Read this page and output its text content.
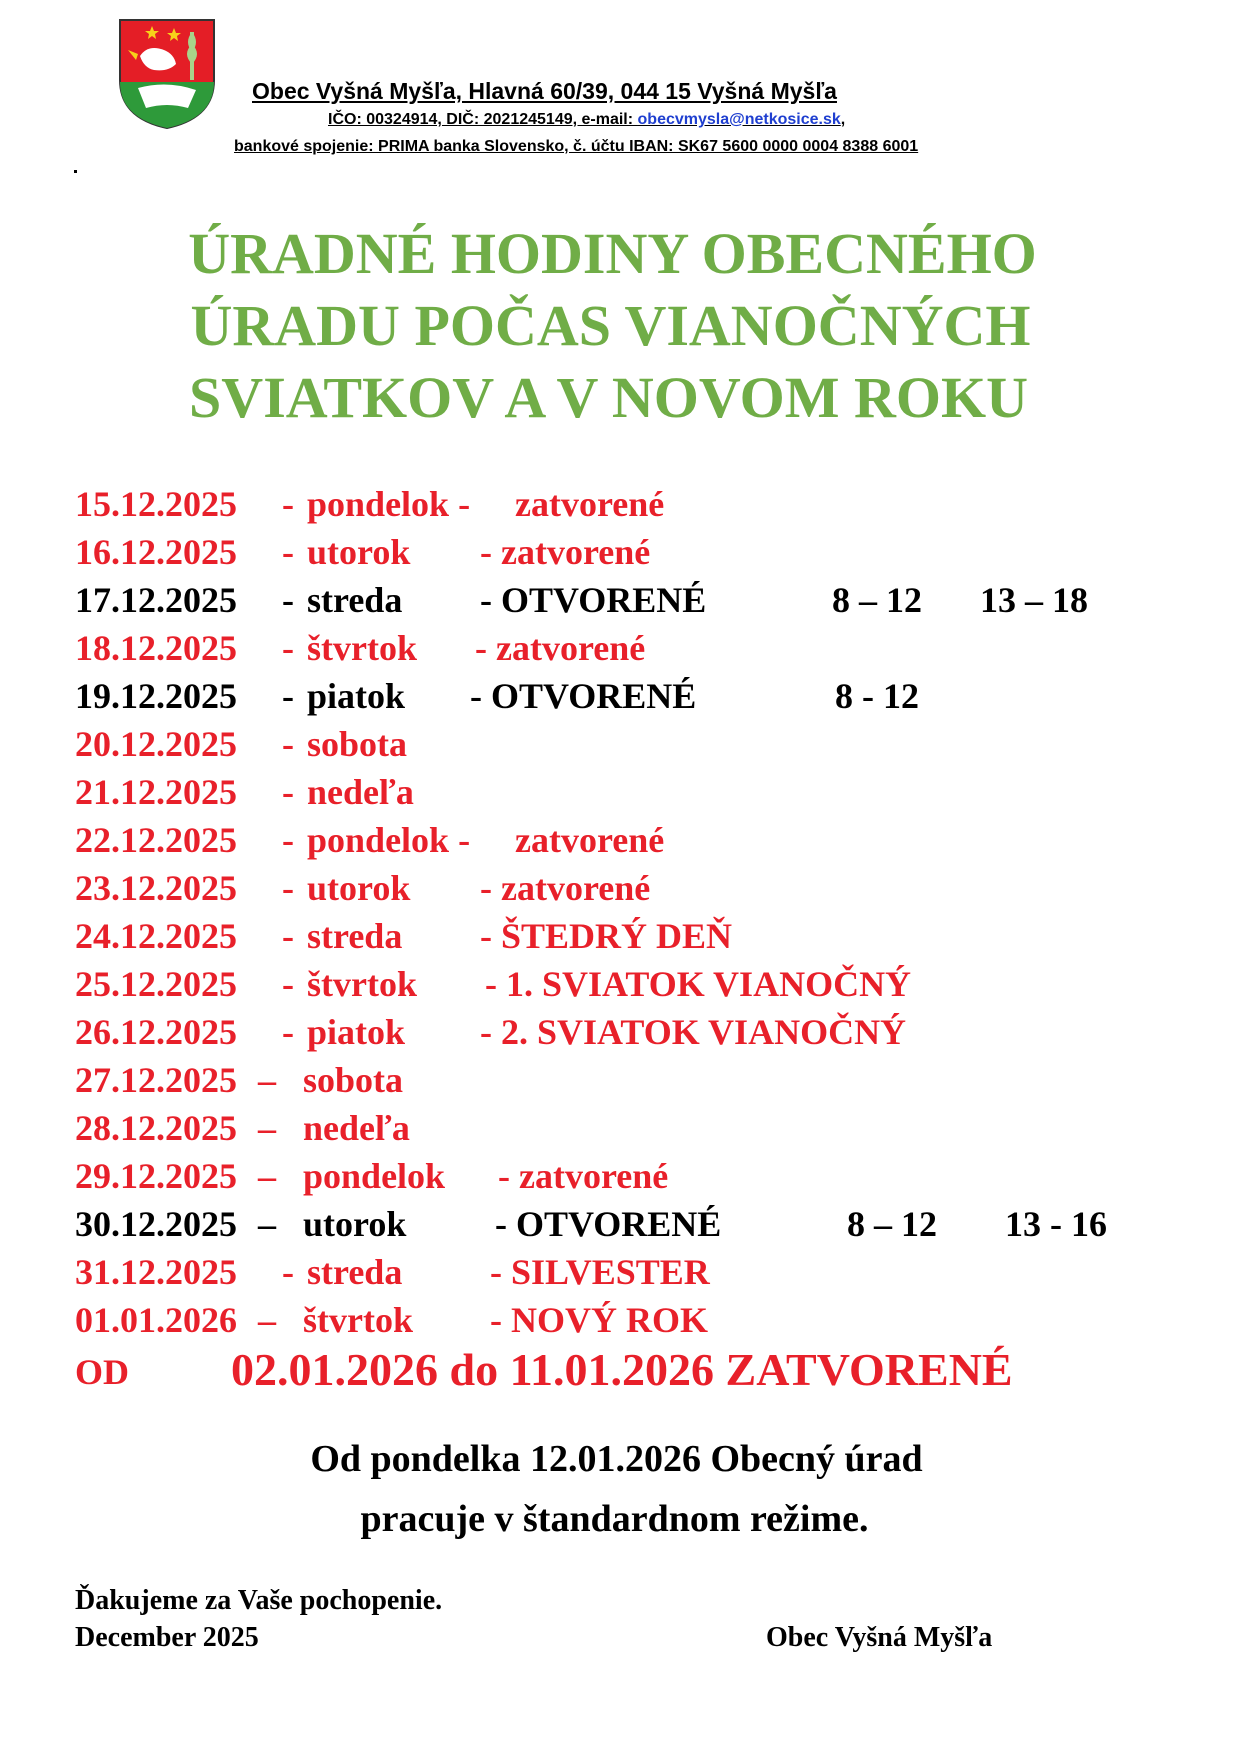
Obec Vyšná Myšľa, Hlavná 60/39, 044 15 Vyšná Myšľa
IČO: 00324914, DIČ: 2021245149, e-mail: obecvmysla@netkosice.sk,
bankové spojenie: PRIMA banka Slovensko, č. účtu IBAN: SK67 5600 0000 0004 8388 6001
ÚRADNÉ HODINY OBECNÉHO
ÚRADU POČAS VIANOČNÝCH
SVIATKOV A V NOVOM ROKU
15.12.2025 - pondelok - zatvorené
16.12.2025 - utorok - zatvorené
17.12.2025 - streda - OTVORENÉ	8 – 12 13 – 18
18.12.2025 - štvrtok - zatvorené
19.12.2025 - piatok - OTVORENÉ	8 - 12
20.12.2025 - sobota
21.12.2025 - nedeľa
22.12.2025 - pondelok - zatvorené
23.12.2025 - utorok - zatvorené
24.12.2025 - streda - ŠTEDRÝ DEŇ
25.12.2025 - štvrtok - 1. SVIATOK VIANOČNÝ
26.12.2025 - piatok - 2. SVIATOK VIANOČNÝ
27.12.2025 – sobota
28.12.2025 – nedeľa
29.12.2025 – pondelok - zatvorené
30.12.2025 – utorok - OTVORENÉ	8 – 12 13 - 16
31.12.2025 - streda - SILVESTER
01.01.2026 – štvrtok - NOVÝ ROK
OD 02.01.2026 do 11.01.2026 ZATVORENÉ
Od pondelka 12.01.2026 Obecný úrad
pracuje v štandardnom režime.
Ďakujeme za Vaše pochopenie.
December 2025	Obec Vyšná Myšľa
